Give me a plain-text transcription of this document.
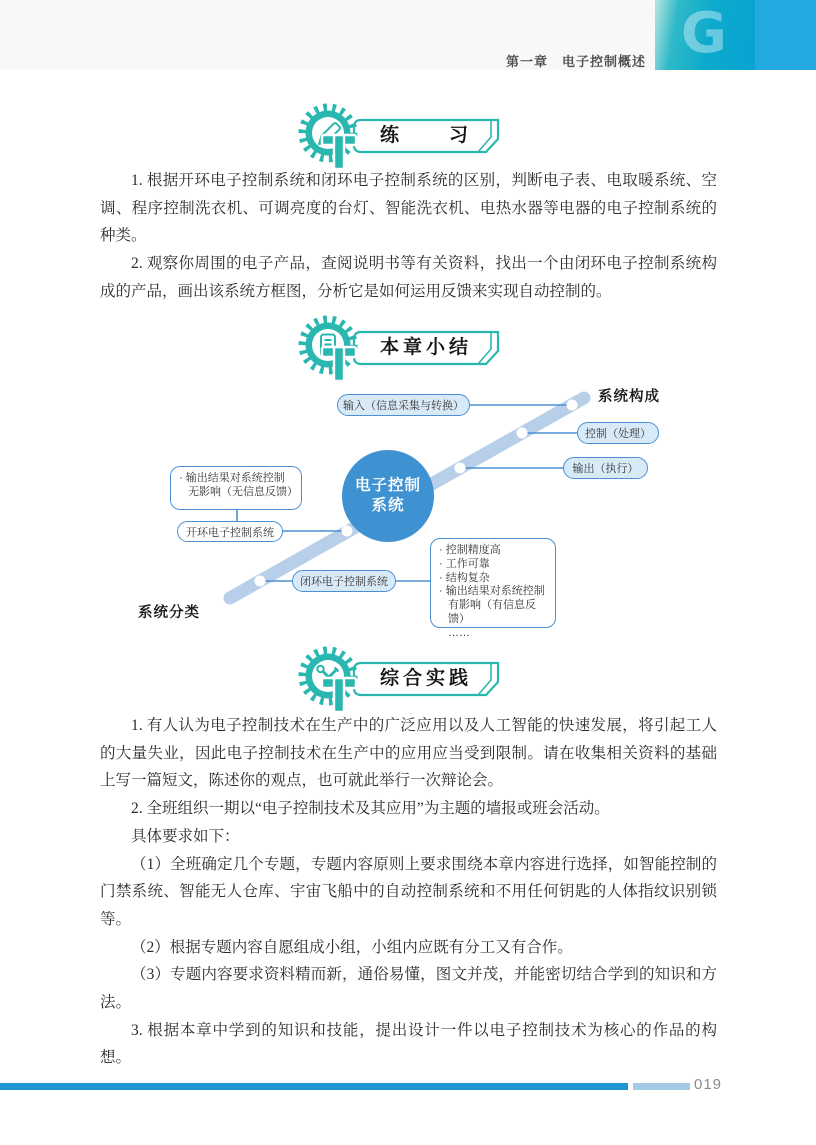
第一章　电子控制概述 G
练　　习

1. 根据开环电子控制系统和闭环电子控制系统的区别，判断电子表、电取暖系统、空调、程序控制洗衣机、可调亮度的台灯、智能洗衣机、电热水器等电器的电子控制系统的种类。

2. 观察你周围的电子产品，查阅说明书等有关资料，找出一个由闭环电子控制系统构成的产品，画出该系统方框图，分析它是如何运用反馈来实现自动控制的。

本章小结
系统构成
系统分类
电子控制
系统
输入（信息采集与转换）
控制（处理）
输出（执行）
· 输出结果对系统控制
无影响（无信息反馈）
开环电子控制系统
闭环电子控制系统
· 控制精度高
· 工作可靠
· 结构复杂
· 输出结果对系统控制
有影响（有信息反馈）
……
综合实践

1. 有人认为电子控制技术在生产中的广泛应用以及人工智能的快速发展，将引起工人的大量失业，因此电子控制技术在生产中的应用应当受到限制。请在收集相关资料的基础上写一篇短文，陈述你的观点，也可就此举行一次辩论会。

2. 全班组织一期以“电子控制技术及其应用”为主题的墙报或班会活动。

具体要求如下：

（1）全班确定几个专题，专题内容原则上要求围绕本章内容进行选择，如智能控制的门禁系统、智能无人仓库、宇宙飞船中的自动控制系统和不用任何钥匙的人体指纹识别锁等。

（2）根据专题内容自愿组成小组，小组内应既有分工又有合作。

（3）专题内容要求资料精而新，通俗易懂，图文并茂，并能密切结合学到的知识和方法。

3. 根据本章中学到的知识和技能，提出设计一件以电子控制技术为核心的作品的构想。

019
